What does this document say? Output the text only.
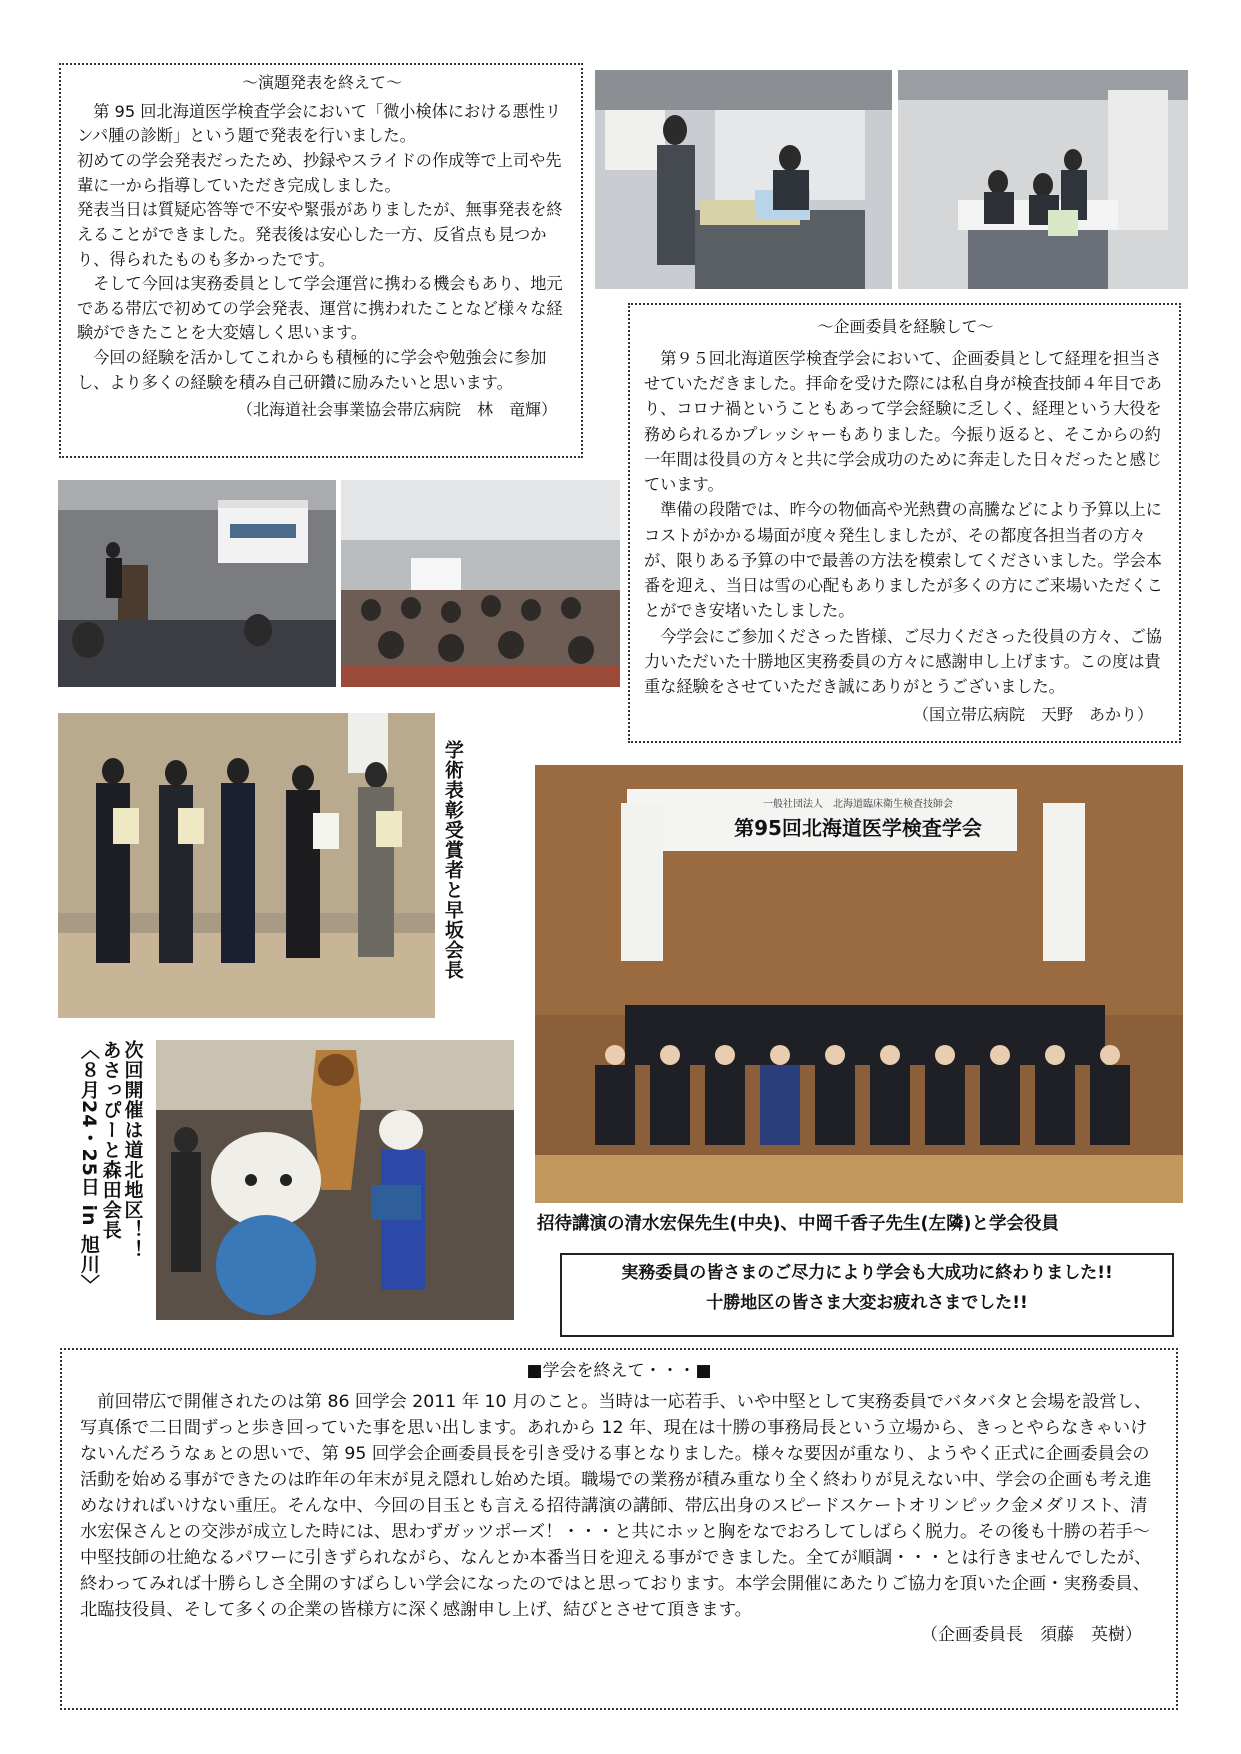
～演題発表を終えて～

第 95 回北海道医学検査学会において「微小検体における悪性リンパ腫の診断」という題で発表を行いました。

初めての学会発表だったため、抄録やスライドの作成等で上司や先輩に一から指導していただき完成しました。

発表当日は質疑応答等で不安や緊張がありましたが、無事発表を終えることができました。発表後は安心した一方、反省点も見つかり、得られたものも多かったです。

そして今回は実務委員として学会運営に携わる機会もあり、地元である帯広で初めての学会発表、運営に携われたことなど様々な経験ができたことを大変嬉しく思います。

今回の経験を活かしてこれからも積極的に学会や勉強会に参加し、より多くの経験を積み自己研鑽に励みたいと思います。

（北海道社会事業協会帯広病院　林　竜輝）
～企画委員を経験して～

第９５回北海道医学検査学会において、企画委員として経理を担当させていただきました。拝命を受けた際には私自身が検査技師４年目であり、コロナ禍ということもあって学会経験に乏しく、経理という大役を務められるかプレッシャーもありました。今振り返ると、そこからの約一年間は役員の方々と共に学会成功のために奔走した日々だったと感じています。

準備の段階では、昨今の物価高や光熱費の高騰などにより予算以上にコストがかかる場面が度々発生しましたが、その都度各担当者の方々が、限りある予算の中で最善の方法を模索してくださいました。学会本番を迎え、当日は雪の心配もありましたが多くの方にご来場いただくことができ安堵いたしました。

今学会にご参加くださった皆様、ご尽力くださった役員の方々、ご協力いただいた十勝地区実務委員の方々に感謝申し上げます。この度は貴重な経験をさせていただき誠にありがとうございました。

（国立帯広病院　天野　あかり）
学術表彰受賞者と早坂会長
次回開催は道北地区！！
あさっぴーと森田会長
〈８月24・25日 in 旭川〉
一般社団法人　北海道臨床衛生検査技師会
第95回北海道医学検査学会
招待講演の清水宏保先生(中央)、中岡千香子先生(左隣)と学会役員
実務委員の皆さまのご尽力により学会も大成功に終わりました!!
十勝地区の皆さま大変お疲れさまでした!!
■学会を終えて・・・■

前回帯広で開催されたのは第 86 回学会 2011 年 10 月のこと。当時は一応若手、いや中堅として実務委員でバタバタと会場を設営し、写真係で二日間ずっと歩き回っていた事を思い出します。あれから 12 年、現在は十勝の事務局長という立場から、きっとやらなきゃいけないんだろうなぁとの思いで、第 95 回学会企画委員長を引き受ける事となりました。様々な要因が重なり、ようやく正式に企画委員会の活動を始める事ができたのは昨年の年末が見え隠れし始めた頃。職場での業務が積み重なり全く終わりが見えない中、学会の企画も考え進めなければいけない重圧。そんな中、今回の目玉とも言える招待講演の講師、帯広出身のスピードスケートオリンピック金メダリスト、清水宏保さんとの交渉が成立した時には、思わずガッツポーズ！・・・と共にホッと胸をなでおろしてしばらく脱力。その後も十勝の若手～中堅技師の壮絶なるパワーに引きずられながら、なんとか本番当日を迎える事ができました。全てが順調・・・とは行きませんでしたが、終わってみれば十勝らしさ全開のすばらしい学会になったのではと思っております。本学会開催にあたりご協力を頂いた企画・実務委員、北臨技役員、そして多くの企業の皆様方に深く感謝申し上げ、結びとさせて頂きます。

（企画委員長　須藤　英樹）
